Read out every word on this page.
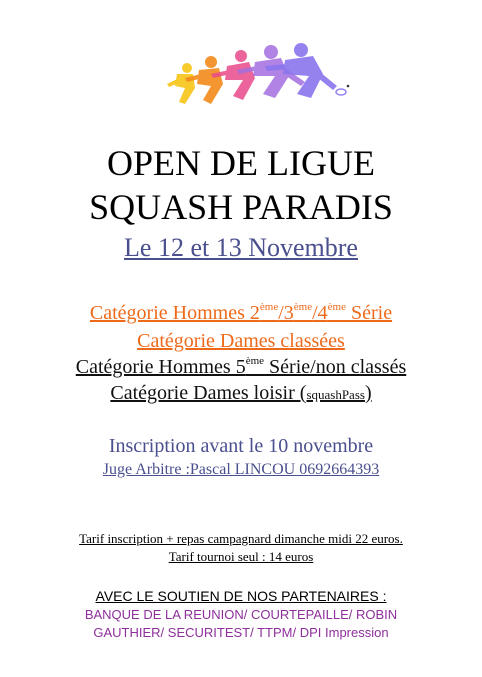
OPEN DE LIGUE
SQUASH PARADIS
Le 12 et 13 Novembre
Catégorie Hommes 2ème/3ème/4ème Série
Catégorie Dames classées
Catégorie Hommes 5ème Série/non classés
Catégorie Dames loisir (squashPass)
Inscription avant le 10 novembre
Juge Arbitre :Pascal LINCOU 0692664393
Tarif inscription + repas campagnard dimanche midi 22 euros.
Tarif tournoi seul : 14 euros
AVEC LE SOUTIEN DE NOS PARTENAIRES :
BANQUE DE LA REUNION/ COURTEPAILLE/ ROBIN
GAUTHIER/ SECURITEST/ TTPM/ DPI Impression
